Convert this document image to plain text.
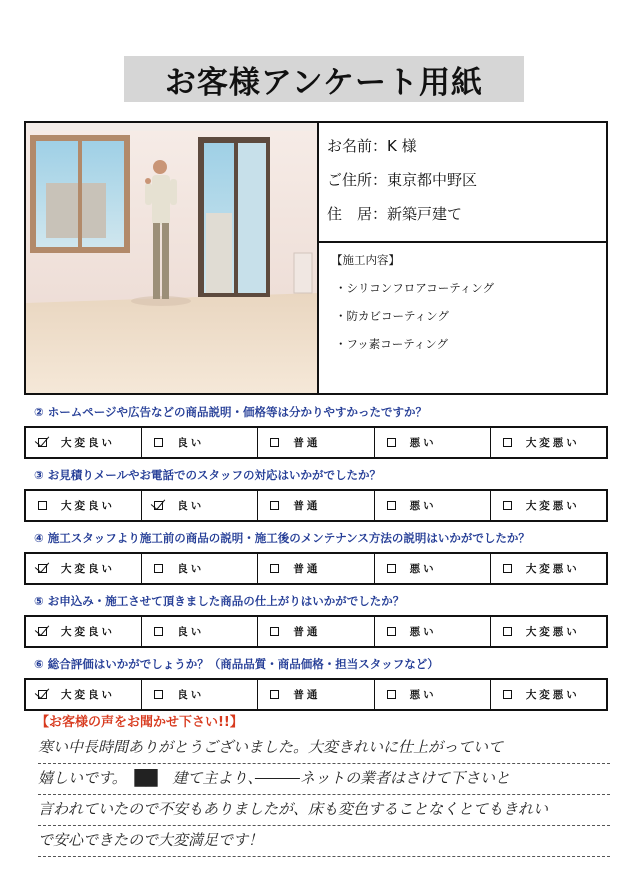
お客様アンケート用紙
お名前：K 様
ご住所：東京都中野区
住　居：新築戸建て
【施工内容】
・シリコンフロアコーティング
・防カビコーティング
・フッ素コーティング
② ホームページや広告などの商品説明・価格等は分かりやすかったですか？
大変良い	良い	普通	悪い	大変悪い
③ お見積りメールやお電話でのスタッフの対応はいかがでしたか？
大変良い	良い	普通	悪い	大変悪い
④ 施工スタッフより施工前の商品の説明・施工後のメンテナンス方法の説明はいかがでしたか？
大変良い	良い	普通	悪い	大変悪い
⑤ お申込み・施工させて頂きました商品の仕上がりはいかがでしたか？
大変良い	良い	普通	悪い	大変悪い
⑥ 総合評価はいかがでしょうか？（商品品質・商品価格・担当スタッフなど）
大変良い	良い	普通	悪い	大変悪い
【お客様の声をお聞かせ下さい!!】
寒い中長時間ありがとうございました。大変きれいに仕上がっていて
嬉しいです。　██　建て主より、　　　	ネットの業者はさけて下さいと
言われていたので不安もありましたが、床も変色することなくとてもきれい
で安心できたので大変満足です！
